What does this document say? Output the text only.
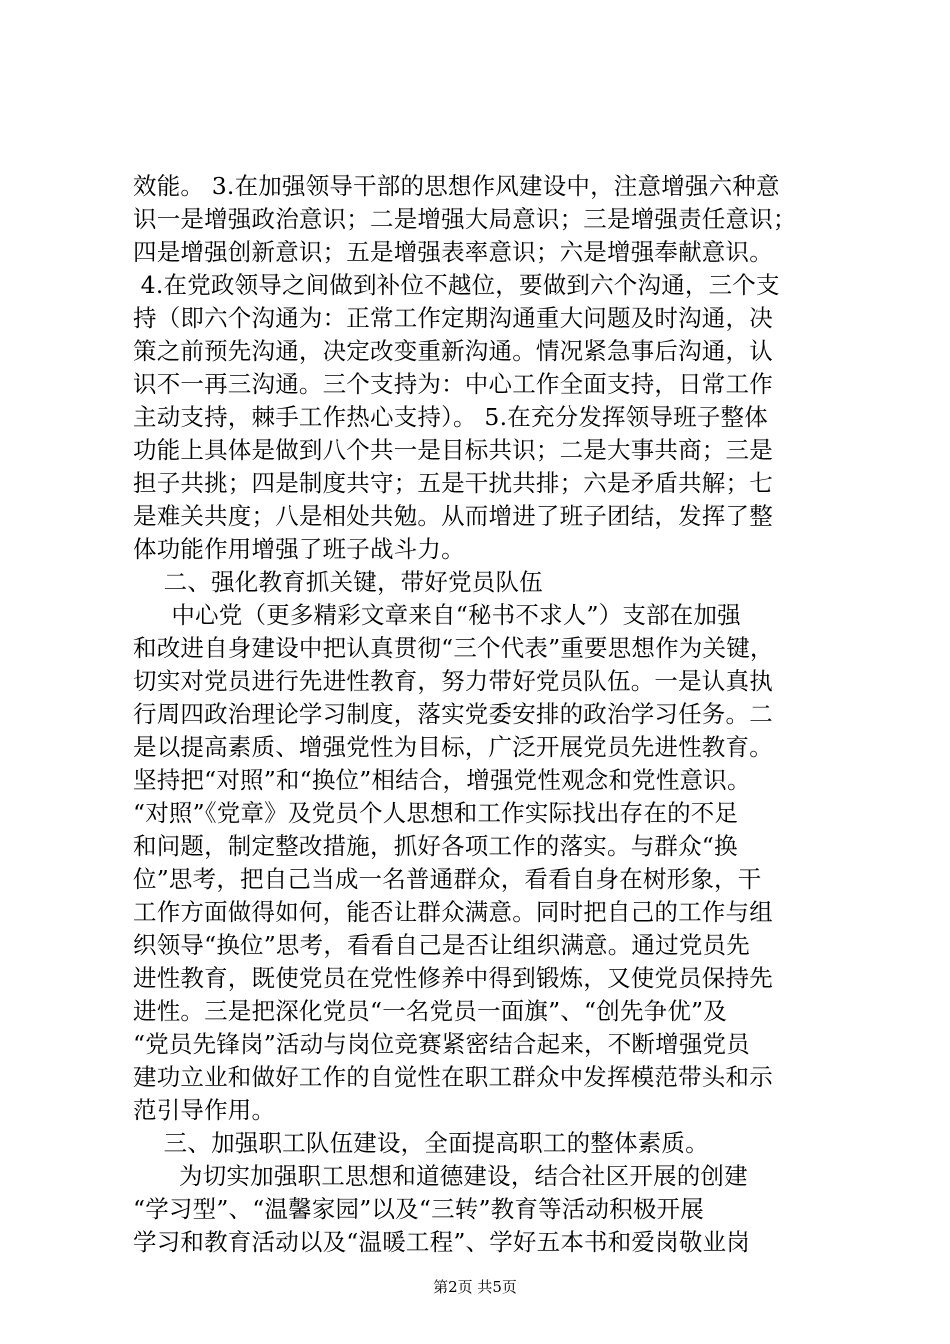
效能。 3.在加强领导干部的思想作风建设中，注意增强六种意
识一是增强政治意识；二是增强大局意识；三是增强责任意识；
四是增强创新意识；五是增强表率意识；六是增强奉献意识。
4.在党政领导之间做到补位不越位，要做到六个沟通，三个支
持（即六个沟通为：正常工作定期沟通重大问题及时沟通，决
策之前预先沟通，决定改变重新沟通。情况紧急事后沟通，认
识不一再三沟通。三个支持为：中心工作全面支持，日常工作
主动支持，棘手工作热心支持）。 5.在充分发挥领导班子整体
功能上具体是做到八个共一是目标共识；二是大事共商；三是
担子共挑；四是制度共守；五是干扰共排；六是矛盾共解；七
是难关共度；八是相处共勉。从而增进了班子团结，发挥了整
体功能作用增强了班子战斗力。
二、强化教育抓关键，带好党员队伍
中心党（更多精彩文章来自“秘书不求人”）支部在加强
和改进自身建设中把认真贯彻“三个代表”重要思想作为关键，
切实对党员进行先进性教育，努力带好党员队伍。一是认真执
行周四政治理论学习制度，落实党委安排的政治学习任务。二
是以提高素质、增强党性为目标，广泛开展党员先进性教育。
坚持把“对照”和“换位”相结合，增强党性观念和党性意识。
“对照”《党章》及党员个人思想和工作实际找出存在的不足
和问题，制定整改措施，抓好各项工作的落实。与群众“换
位”思考，把自己当成一名普通群众，看看自身在树形象，干
工作方面做得如何，能否让群众满意。同时把自己的工作与组
织领导“换位”思考，看看自己是否让组织满意。通过党员先
进性教育，既使党员在党性修养中得到锻炼，又使党员保持先
进性。三是把深化党员“一名党员一面旗”、“创先争优”及
“党员先锋岗”活动与岗位竞赛紧密结合起来，不断增强党员
建功立业和做好工作的自觉性在职工群众中发挥模范带头和示
范引导作用。
三、加强职工队伍建设，全面提高职工的整体素质。
为切实加强职工思想和道德建设，结合社区开展的创建
“学习型”、“温馨家园”以及“三转”教育等活动积极开展
学习和教育活动以及“温暖工程”、学好五本书和爱岗敬业岗
第2页 共5页
